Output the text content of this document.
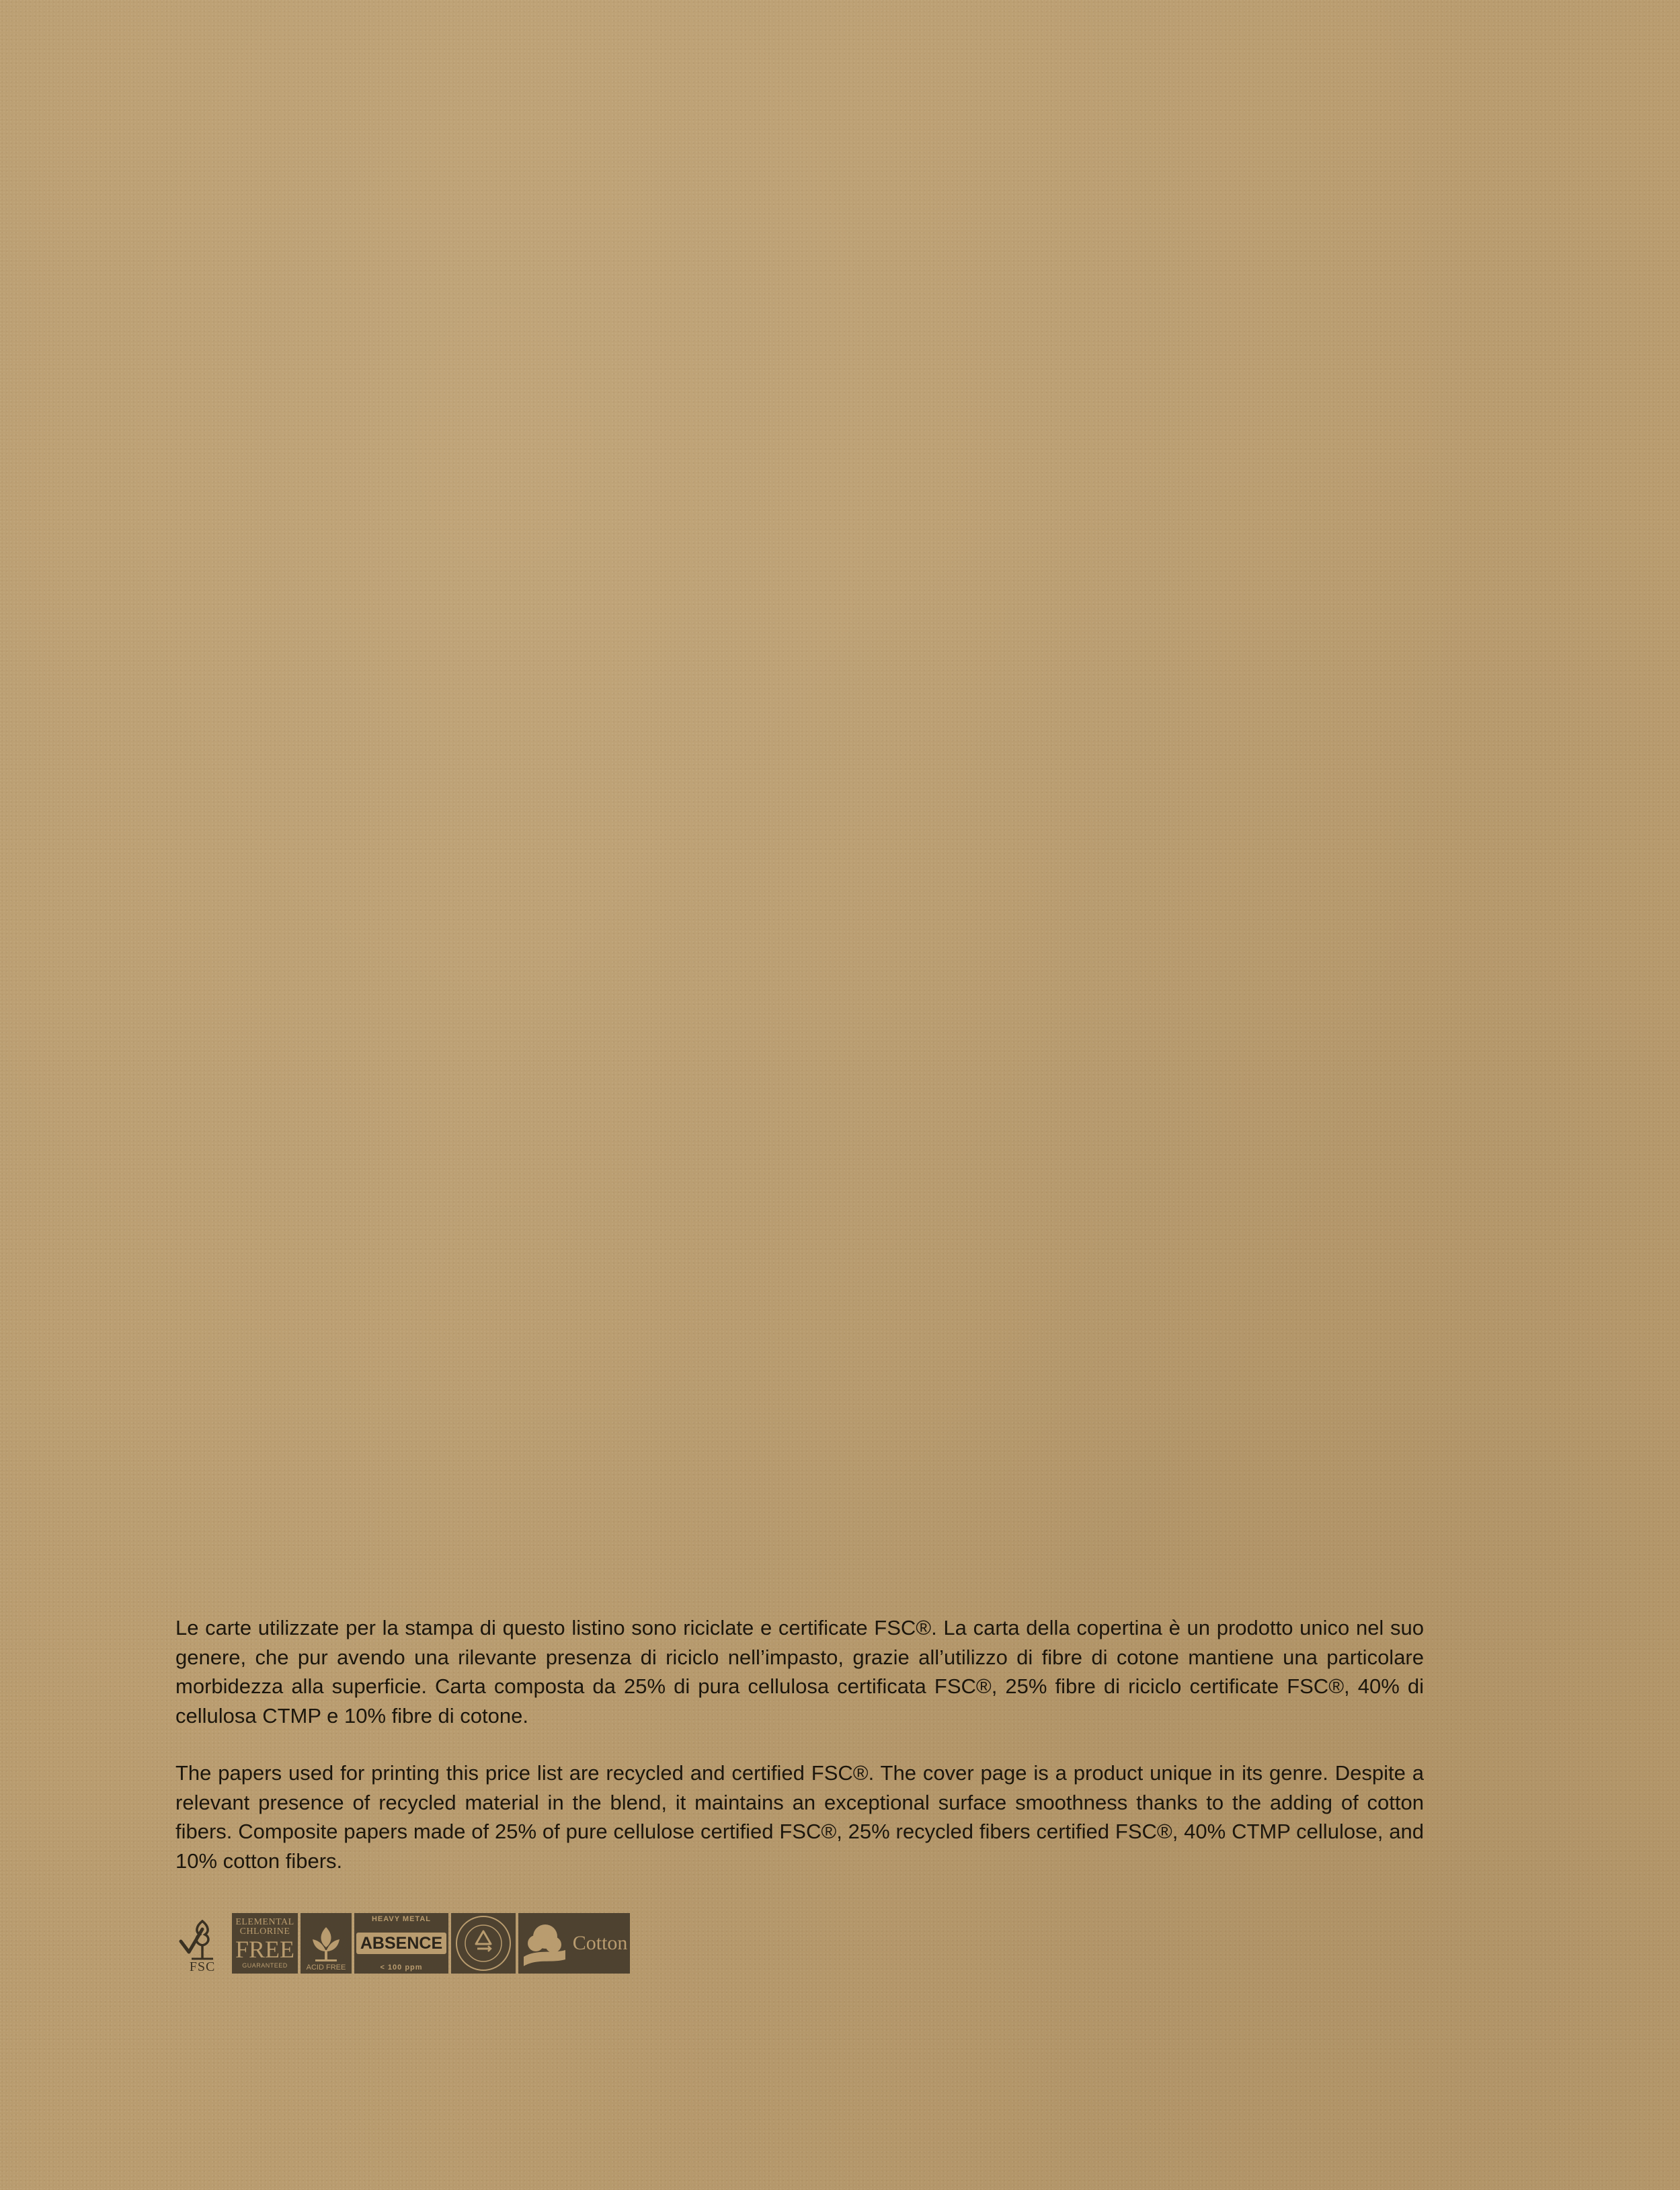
Le carte utilizzate per la stampa di questo listino sono riciclate e certificate FSC®. La carta della copertina è un prodotto unico nel suo genere, che pur avendo una rilevante presenza di riciclo nell’impasto, grazie all’utilizzo di fibre di cotone mantiene una particolare morbidezza alla superficie. Carta composta da 25% di pura cellulosa certificata FSC®, 25% fibre di riciclo certificate FSC®, 40% di cellulosa CTMP e 10% fibre di cotone.

The papers used for printing this price list are recycled and certified FSC®. The cover page is a product unique in its genre. Despite a relevant presence of recycled material in the blend, it maintains an exceptional surface smoothness thanks to the adding of cotton fibers. Composite papers made of 25% of pure cellulose certified FSC®, 25% recycled fibers certified FSC®, 40% CTMP cellulose, and 10% cotton fibers.

FSC
ELEMENTAL
CHLORINE
FREE
GUARANTEED	ACID FREE
HEAVY METAL
ABSENCE
< 100 ppm
Cotton
